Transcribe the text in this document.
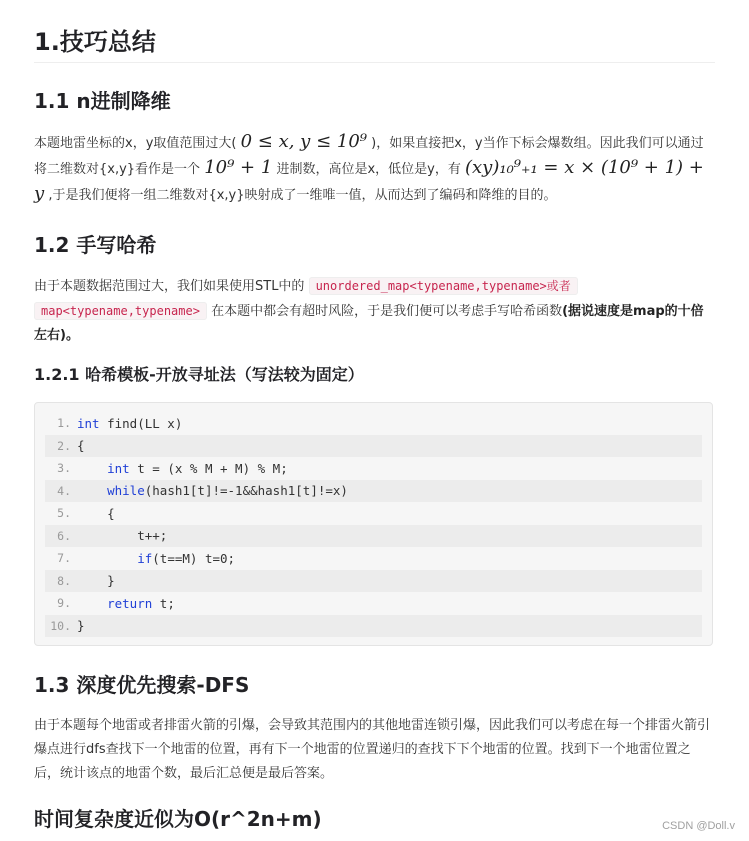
1.技巧总结
1.1 n进制降维

本题地雷坐标的x，y取值范围过大( 0 ≤ x, y ≤ 10⁹ )，如果直接把x，y当作下标会爆数组。因此我们可以通过将二维数对{x,y}看作是一个 10⁹ + 1 进制数，高位是x，低位是y，有 (xy)₁₀⁹₊₁ = x × (10⁹ + 1) + y ,于是我们便将一组二维数对{x,y}映射成了一维唯一值，从而达到了编码和降维的目的。

1.2 手写哈希

由于本题数据范围过大，我们如果使用STL中的 unordered_map<typename,typename>或者
map<typename,typename> 在本题中都会有超时风险，于是我们便可以考虑手写哈希函数(据说速度是map的十倍左右)。

1.2.1 哈希模板-开放寻址法（写法较为固定）
1. int find(LL x)
2. {
3.	int t = (x % M + M) % M;
4.	while(hash1[t]!=-1&&hash1[t]!=x)
5. {
6. t++;
7.	if(t==M) t=0;
8. }
9.	return t;
10. }
1.3 深度优先搜索-DFS

由于本题每个地雷或者排雷火箭的引爆，会导致其范围内的其他地雷连锁引爆，因此我们可以考虑在每一个排雷火箭引爆点进行dfs查找下一个地雷的位置，再有下一个地雷的位置递归的查找下下个地雷的位置。找到下一个地雷位置之后，统计该点的地雷个数，最后汇总便是最后答案。

时间复杂度近似为O(r^2n+m)	CSDN @Doll.v
